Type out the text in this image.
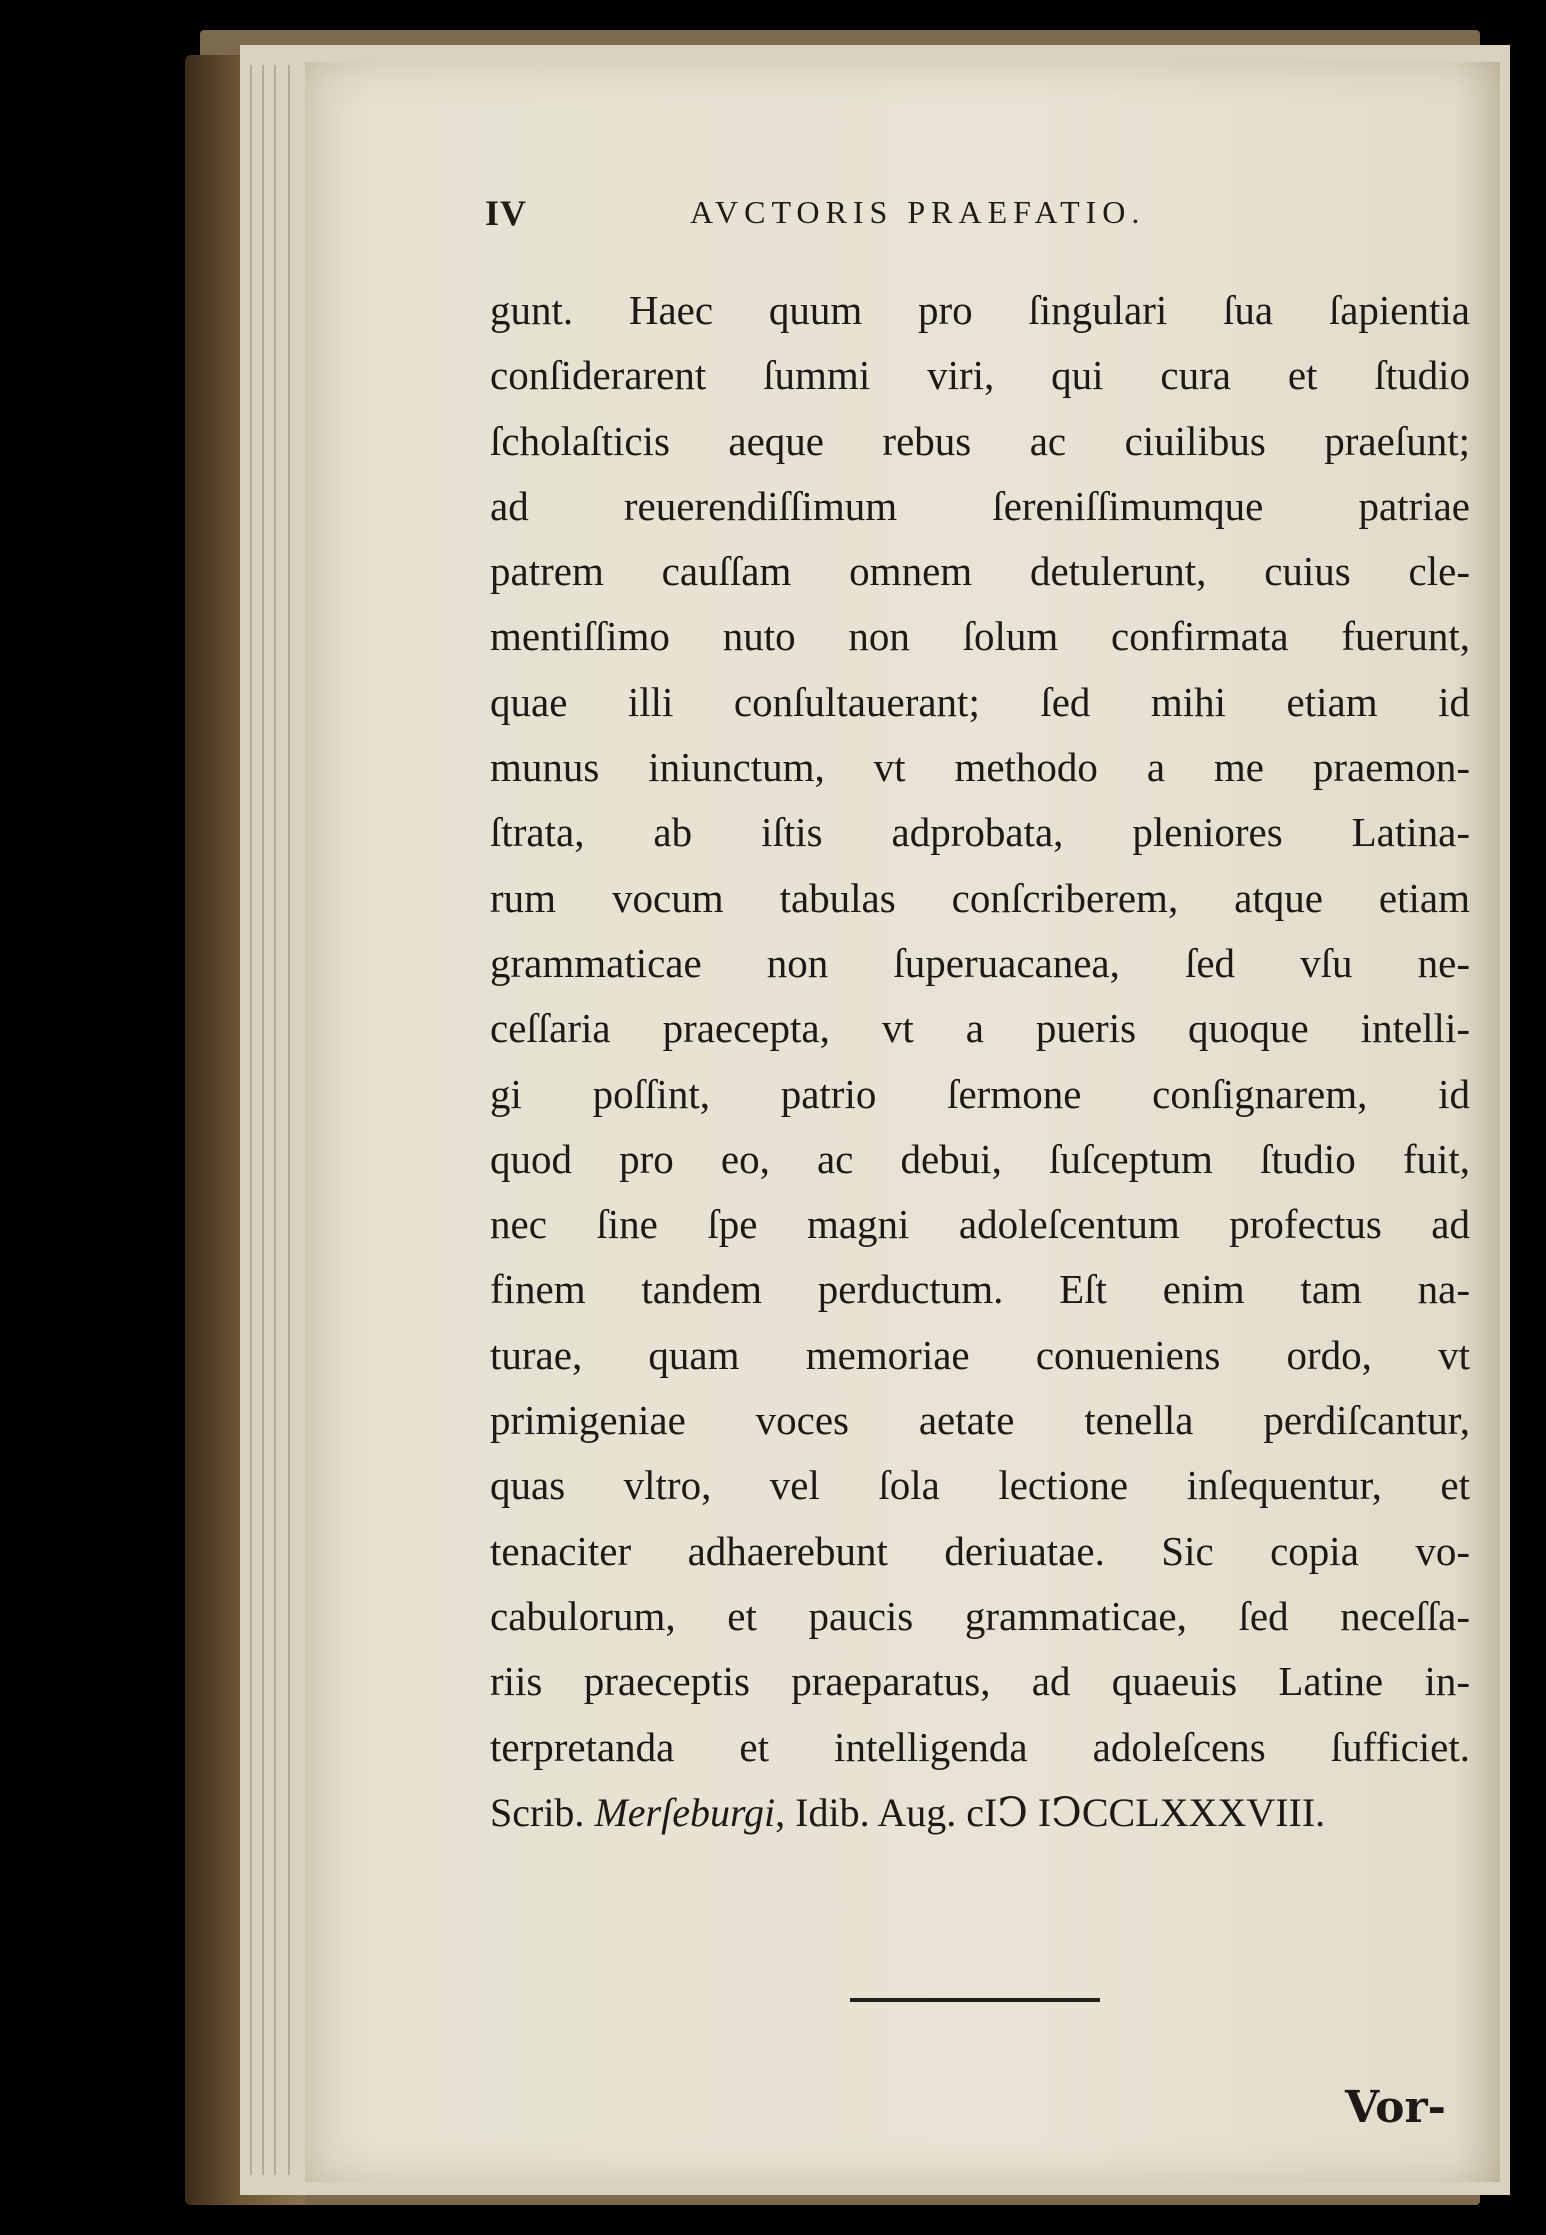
IV	AVCTORIS PRAEFATIO.
gunt. Haec quum pro ſingulari ſua ſapientia
conſiderarent ſummi viri, qui cura et ſtudio
ſcholaſticis aeque rebus ac ciuilibus praeſunt;
ad reuerendiſſimum ſereniſſimumque patriae
patrem cauſſam omnem detulerunt, cuius cle-
mentiſſimo nuto non ſolum confirmata fuerunt,
quae illi conſultauerant; ſed mihi etiam id
munus iniunctum, vt methodo a me praemon-
ſtrata, ab iſtis adprobata, pleniores Latina-
rum vocum tabulas conſcriberem, atque etiam
grammaticae non ſuperuacanea, ſed vſu ne-
ceſſaria praecepta, vt a pueris quoque intelli-
gi poſſint, patrio ſermone conſignarem, id
quod pro eo, ac debui, ſuſceptum ſtudio fuit,
nec ſine ſpe magni adoleſcentum profectus ad
finem tandem perductum. Eſt enim tam na-
turae, quam memoriae conueniens ordo, vt
primigeniae voces aetate tenella perdiſcantur,
quas vltro, vel ſola lectione inſequentur, et
tenaciter adhaerebunt deriuatae. Sic copia vo-
cabulorum, et paucis grammaticae, ſed neceſſa-
riis praeceptis praeparatus, ad quaeuis Latine in-
terpretanda et intelligenda adoleſcens ſufficiet.
Scrib. Merſeburgi, Idib. Aug. cIↃ IↃCCLXXXVIII.
Vor-
